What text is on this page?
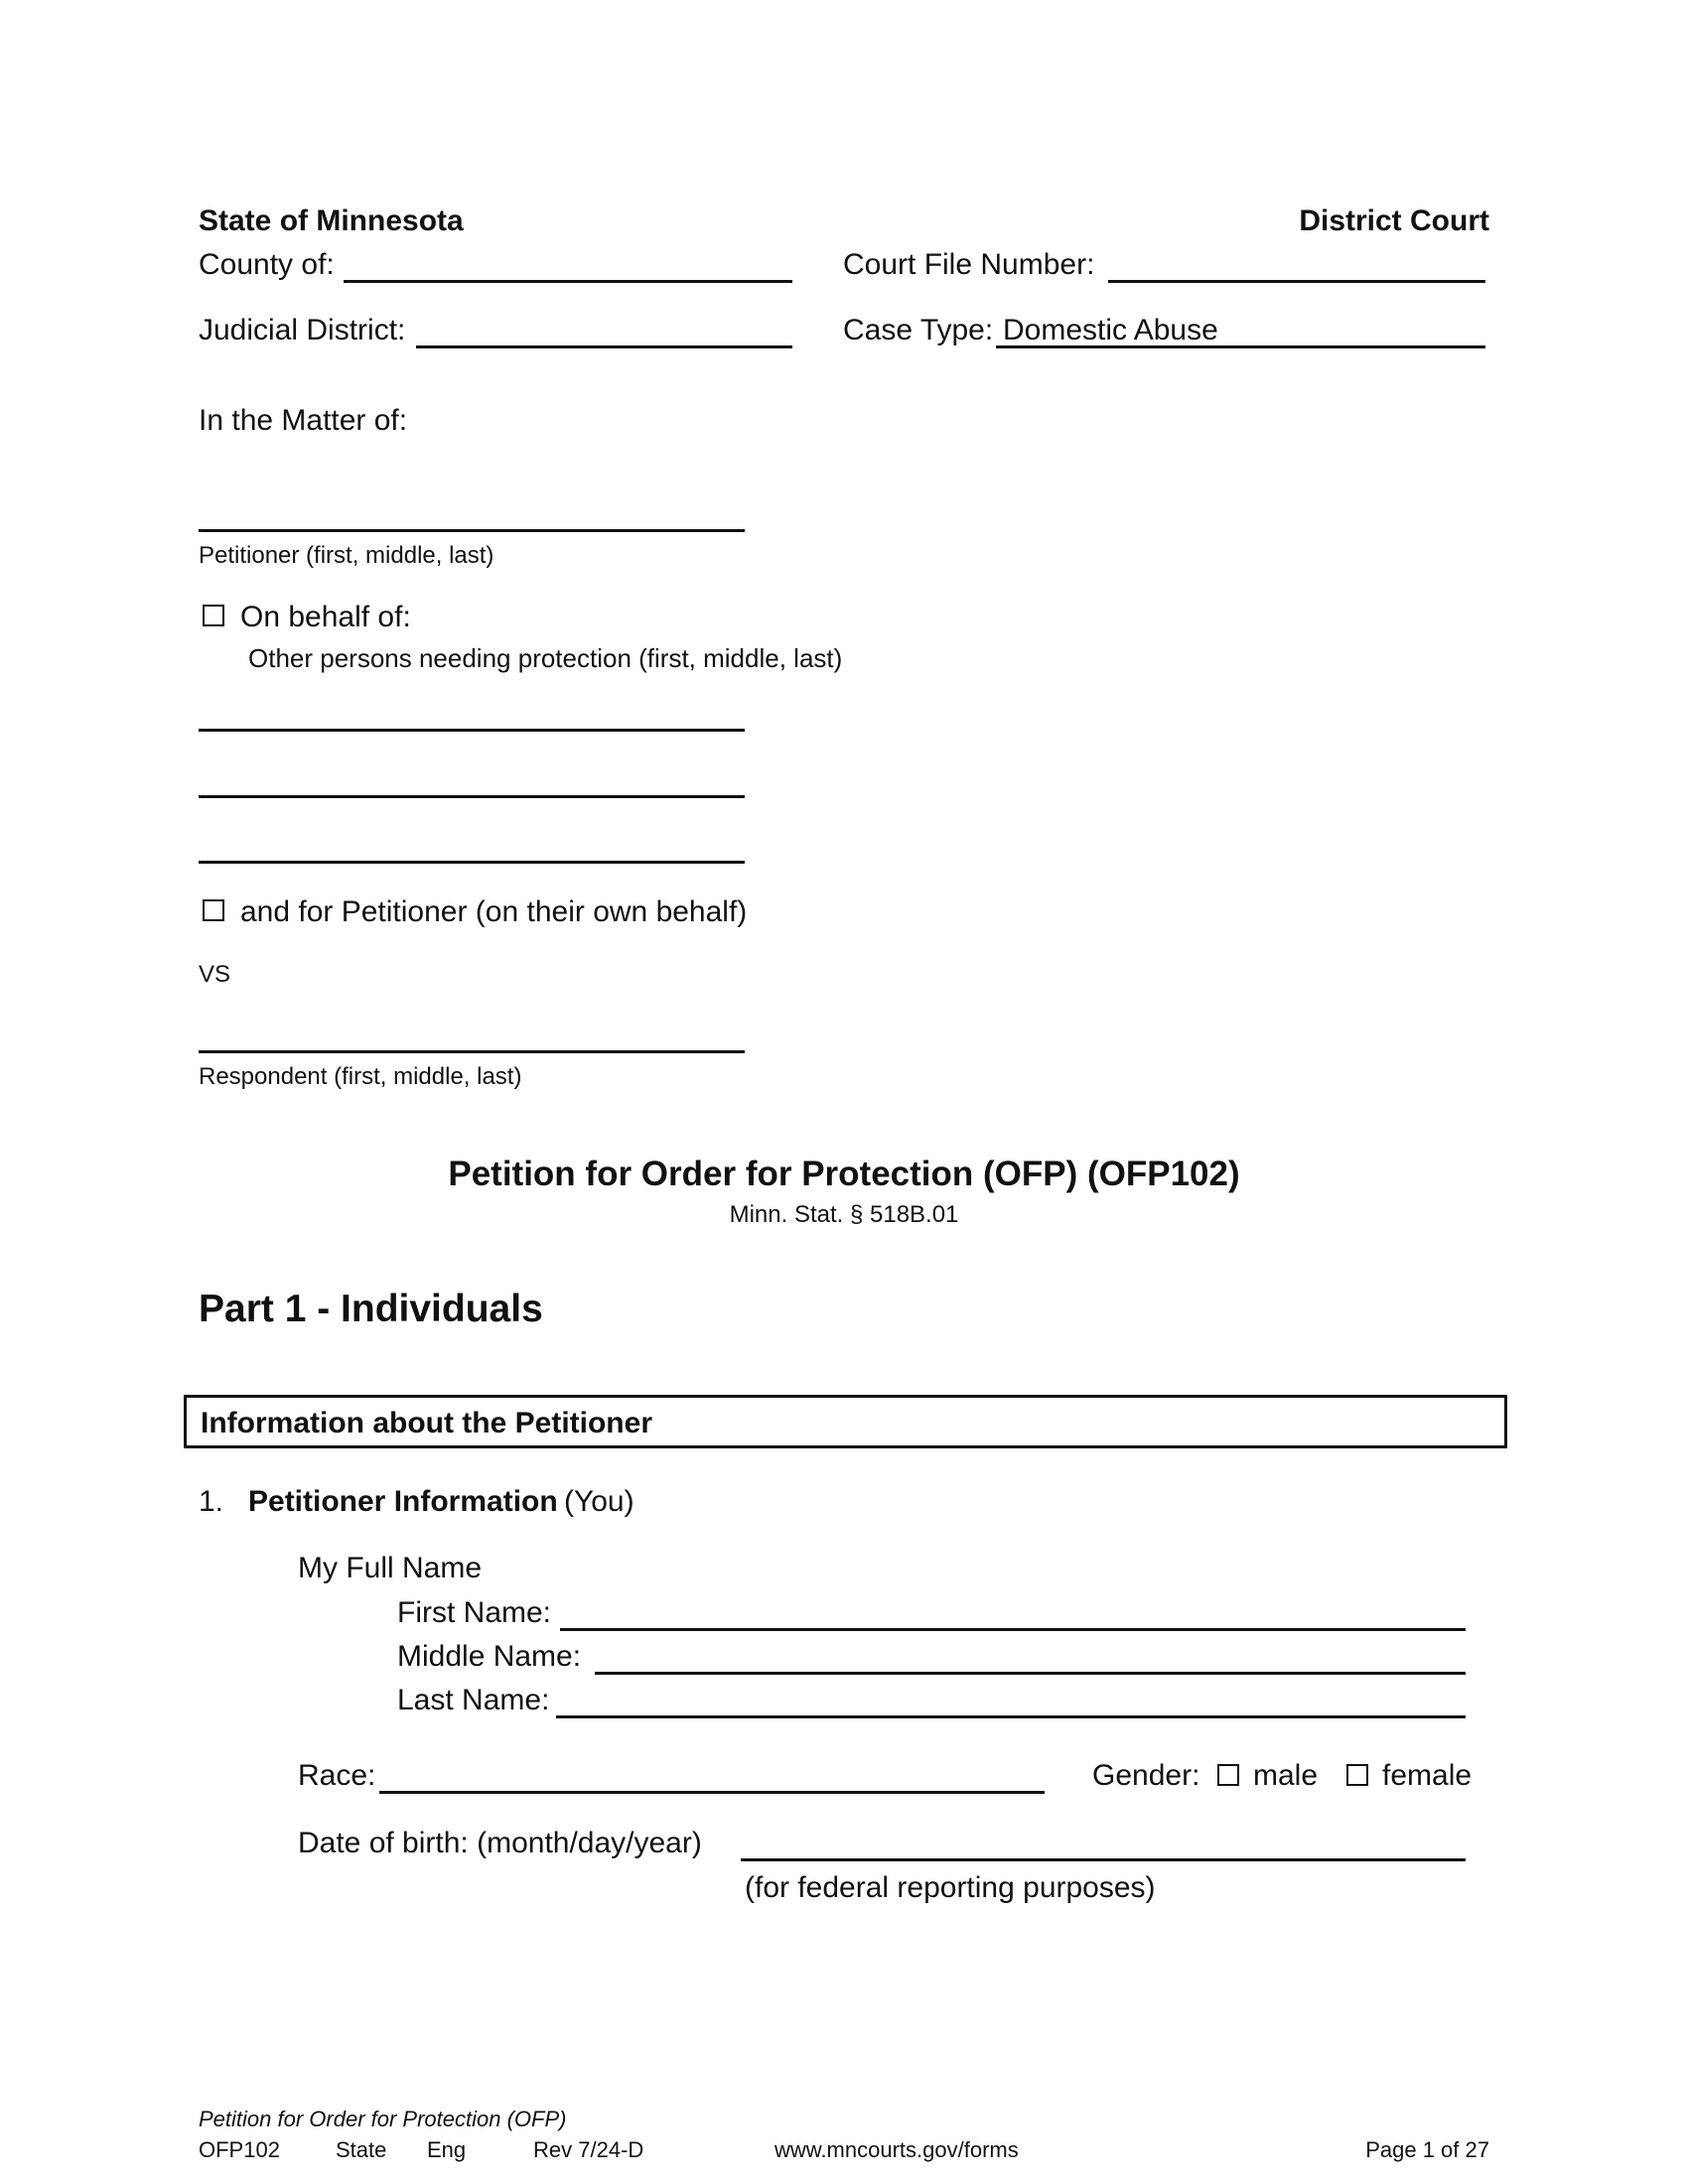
State of Minnesota	District Court
County of:	Court File Number:
Judicial District:	Case Type: Domestic Abuse
In the Matter of:
Petitioner (first, middle, last)
On behalf of:
Other persons needing protection (first, middle, last)
and for Petitioner (on their own behalf)
VS
Respondent (first, middle, last)
Petition for Order for Protection (OFP) (OFP102)
Minn. Stat. § 518B.01
Part 1 - Individuals
Information about the Petitioner
1. Petitioner Information (You)
My Full Name
First Name:
Middle Name:
Last Name:
Race:	Gender: male female
Date of birth: (month/day/year)
(for federal reporting purposes)
Petition for Order for Protection (OFP)
OFP102	State Eng	Rev 7/24-D	www.mncourts.gov/forms	Page 1 of 27
